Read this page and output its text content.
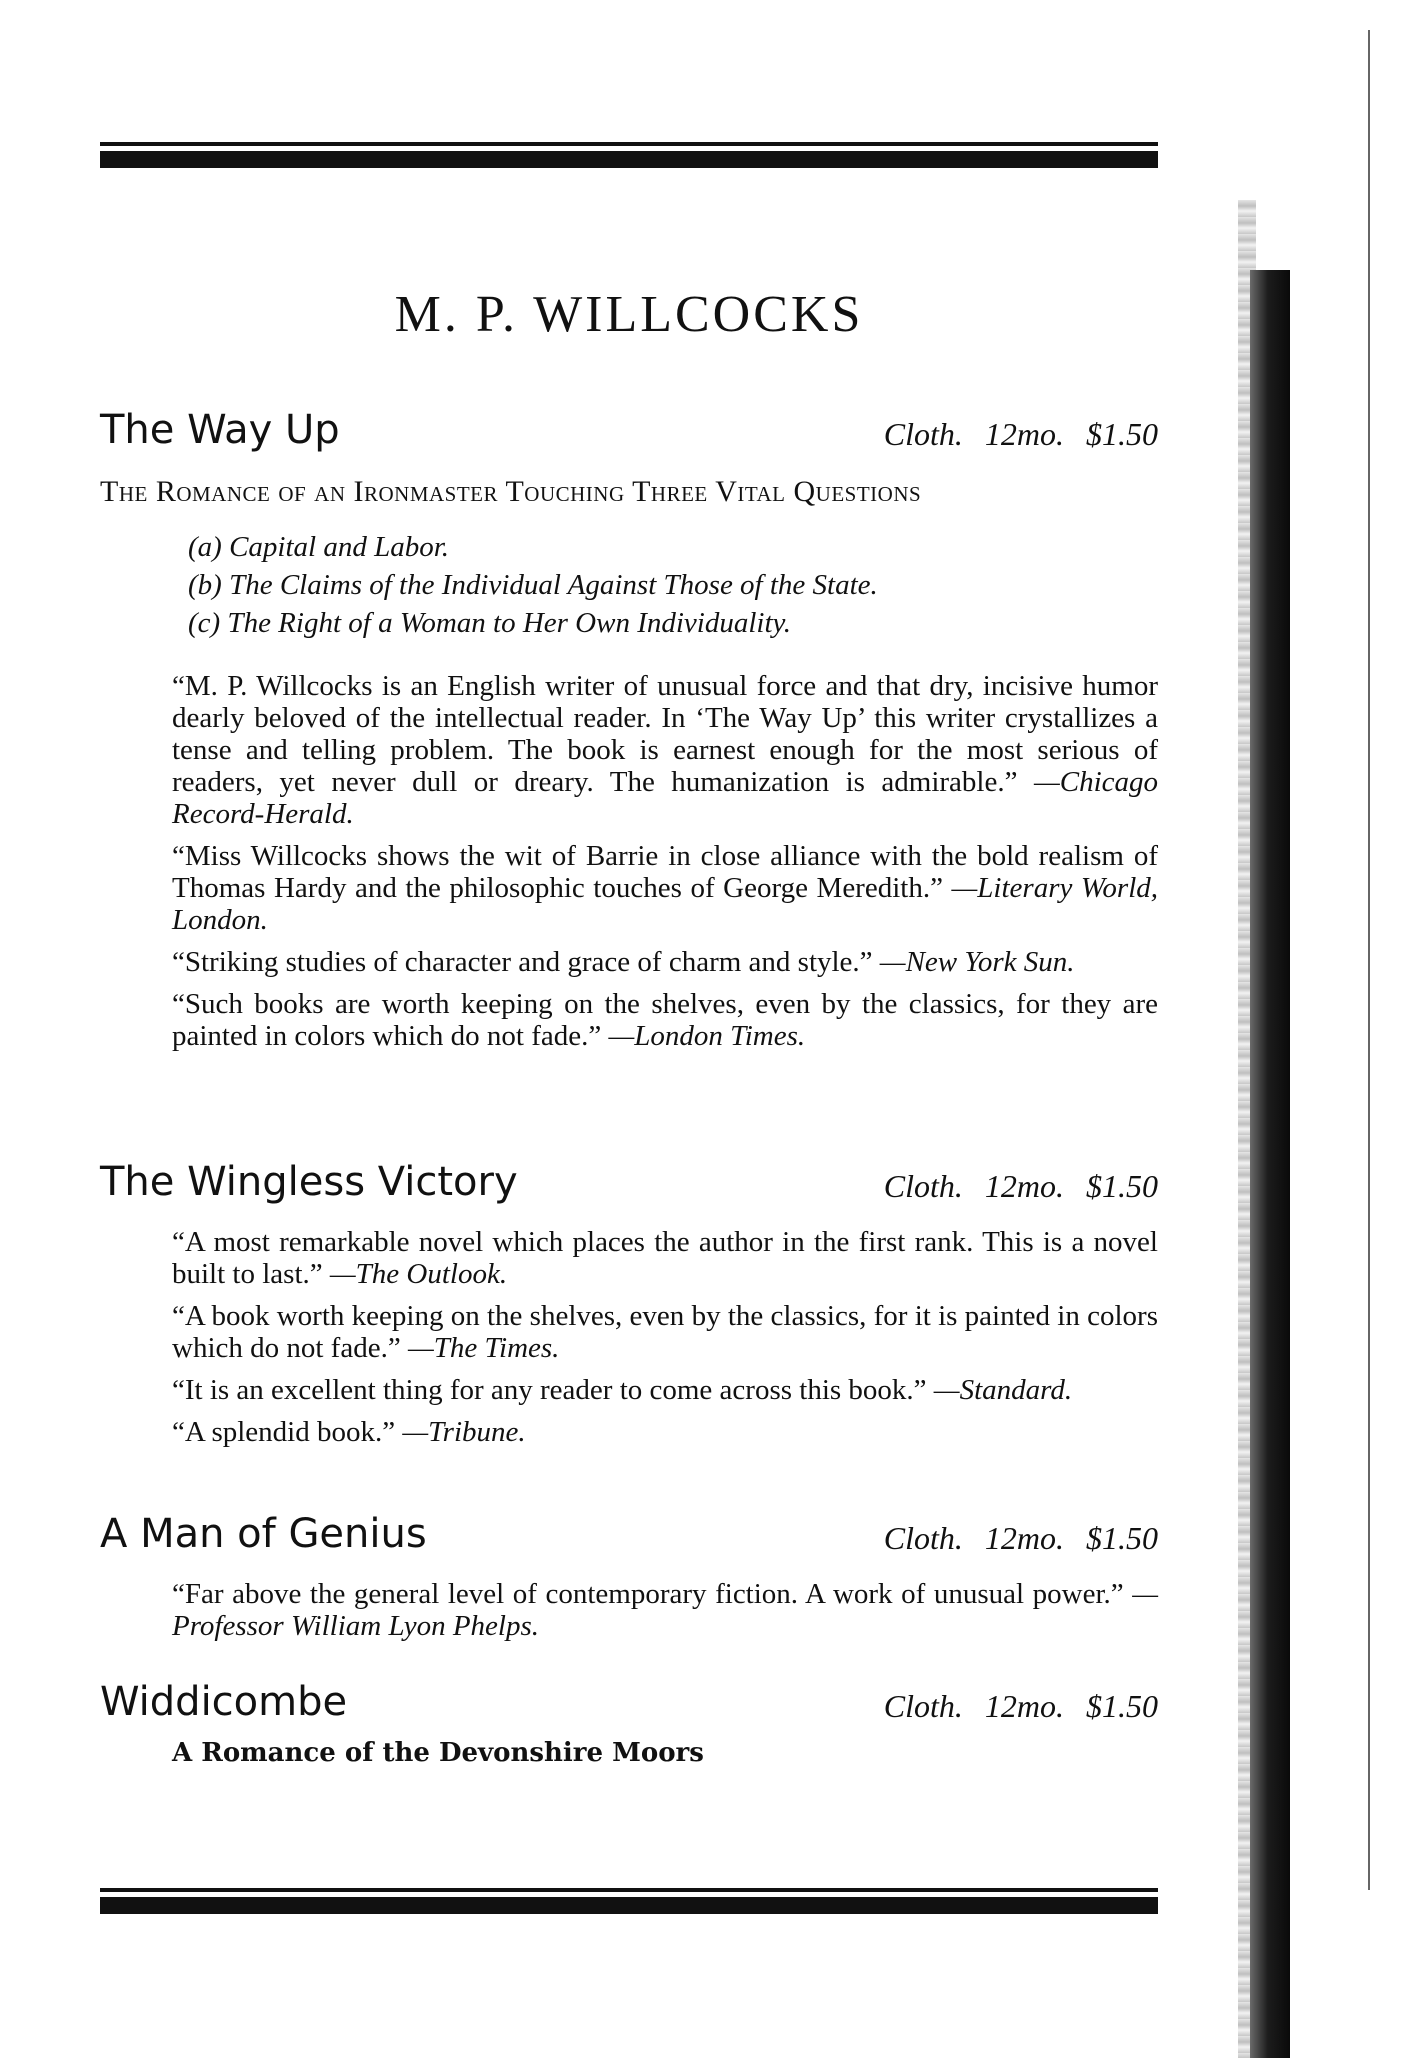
M. P. WILLCOCKS
The Way Up	Cloth. 12mo. $1.50
The Romance of an Ironmaster Touching Three Vital Questions
(a) Capital and Labor.
(b) The Claims of the Individual Against Those of the State.
(c) The Right of a Woman to Her Own Individuality.

“M. P. Willcocks is an English writer of unusual force and that dry, incisive humor dearly beloved of the intellectual reader. In ‘The Way Up’ this writer crystallizes a tense and telling problem. The book is earnest enough for the most serious of readers, yet never dull or dreary. The humanization is admirable.” —Chicago Record-Herald.

“Miss Willcocks shows the wit of Barrie in close alliance with the bold realism of Thomas Hardy and the philosophic touches of George Meredith.” —Literary World, London.

“Striking studies of character and grace of charm and style.” —New York Sun.

“Such books are worth keeping on the shelves, even by the classics, for they are painted in colors which do not fade.” —London Times.

The Wingless Victory	Cloth. 12mo. $1.50

“A most remarkable novel which places the author in the first rank. This is a novel built to last.” —The Outlook.

“A book worth keeping on the shelves, even by the classics, for it is painted in colors which do not fade.” —The Times.

“It is an excellent thing for any reader to come across this book.” —Standard.

“A splendid book.” —Tribune.

A Man of Genius	Cloth. 12mo. $1.50

“Far above the general level of contemporary fiction. A work of unusual power.” —Professor William Lyon Phelps.

Widdicombe	Cloth. 12mo. $1.50
A Romance of the Devonshire Moors
